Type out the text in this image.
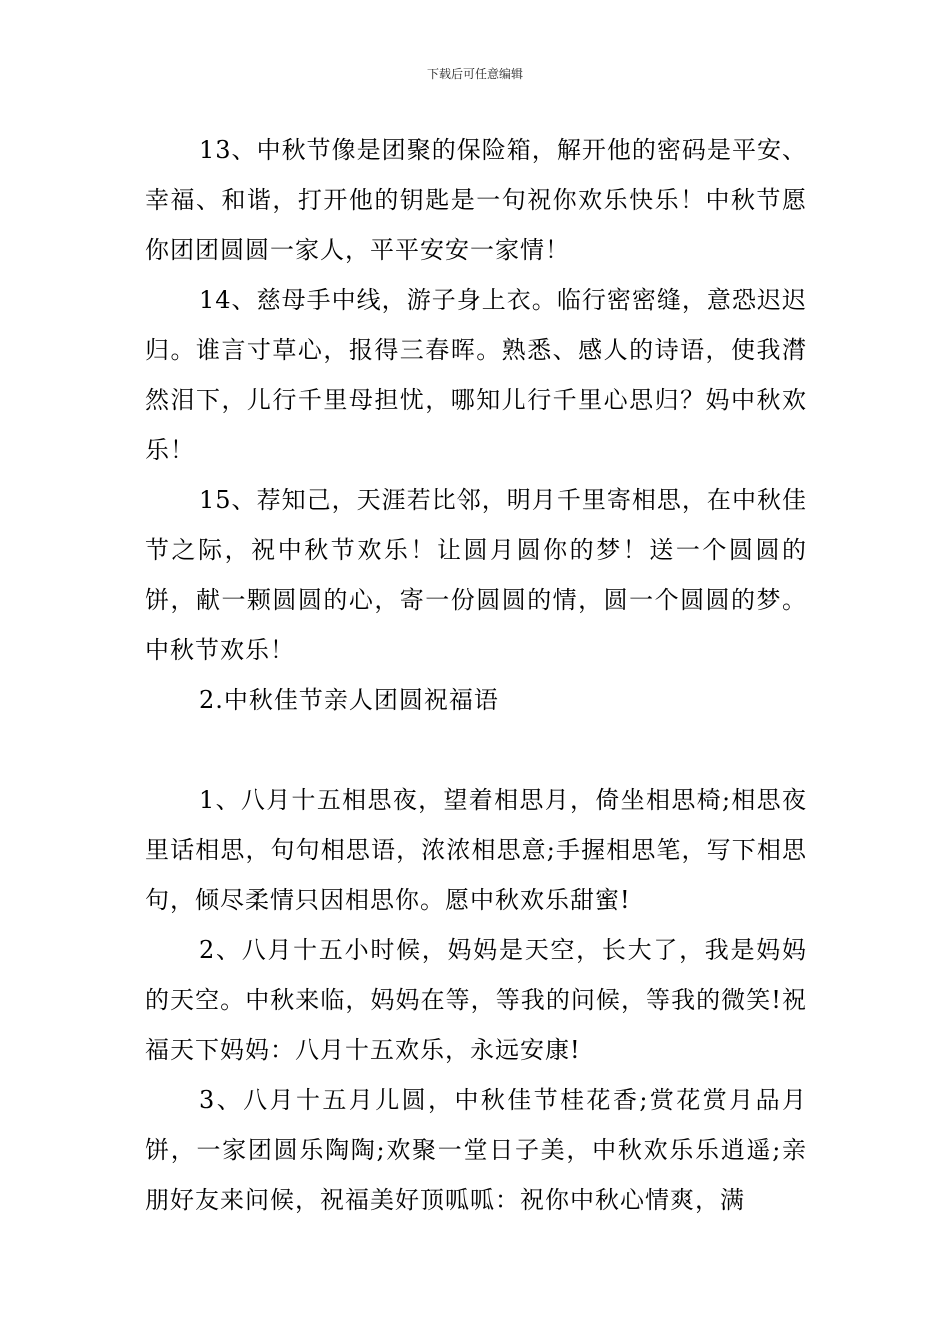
下载后可任意编辑

13、中秋节像是团聚的保险箱，解开他的密码是平安、幸福、和谐，打开他的钥匙是一句祝你欢乐快乐！中秋节愿你团团圆圆一家人，平平安安一家情！

14、慈母手中线，游子身上衣。临行密密缝，意恐迟迟归。谁言寸草心，报得三春晖。熟悉、感人的诗语，使我潸然泪下，儿行千里母担忧，哪知儿行千里心思归？妈中秋欢乐！

15、荐知己，天涯若比邻，明月千里寄相思，在中秋佳节之际，祝中秋节欢乐！让圆月圆你的梦！送一个圆圆的饼，献一颗圆圆的心，寄一份圆圆的情，圆一个圆圆的梦。中秋节欢乐！

2.中秋佳节亲人团圆祝福语

1、八月十五相思夜，望着相思月，倚坐相思椅;相思夜里话相思，句句相思语，浓浓相思意;手握相思笔，写下相思句，倾尽柔情只因相思你。愿中秋欢乐甜蜜!

2、八月十五小时候，妈妈是天空，长大了，我是妈妈的天空。中秋来临，妈妈在等，等我的问候，等我的微笑!祝福天下妈妈：八月十五欢乐，永远安康!

3、八月十五月儿圆，中秋佳节桂花香;赏花赏月品月饼，一家团圆乐陶陶;欢聚一堂日子美，中秋欢乐乐逍遥;亲朋好友来问候，祝福美好顶呱呱：祝你中秋心情爽，满
